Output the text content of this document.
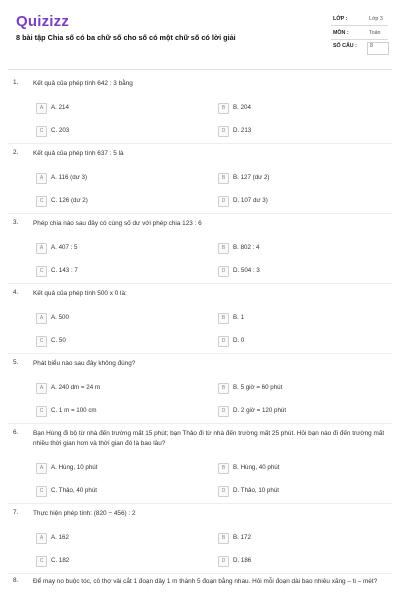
Quizizz
8 bài tập Chia số có ba chữ số cho số có một chữ số có lời giải
LỚP :	Lớp 3
MÔN :	Toán
SỐ CÂU : 8
1. Kết quả của phép tính 642 : 3 bằng
A	A. 214	B	B. 204
C	C. 203	D	D. 213
2. Kết quả của phép tính 637 : 5 là
A	A. 116 (dư 3)	B	B. 127 (dư 2)
C	C. 126 (dư 2)	D	D. 107 dư 3)
3. Phép chia nào sau đây có cùng số dư với phép chia 123 : 6
A	A. 407 : 5	B	B. 802 : 4
C	C. 143 : 7	D	D. 504 : 3
4. Kết quả của phép tính 500 x 0 là:
A	A. 500	B	B. 1
C	C. 50	D	D. 0
5. Phát biểu nào sau đây không đúng?
A	A. 240 dm = 24 m	B	B. 5 giờ = 60 phút
C	C. 1 m = 100 cm	D	D. 2 giờ = 120 phút
6. Bạn Hùng đi bộ từ nhà đến trường mất 15 phút; bạn Thảo đi từ nhà đến trường mất 25 phút. Hỏi bạn nào đi đến trường mất nhiều thời gian hơn và thời gian đó là bao lâu?
A	A. Hùng, 10 phút	B	B. Hùng, 40 phút
C	C. Thảo, 40 phút	D	D. Thảo, 10 phút
7. Thực hiện phép tính: (820 − 456) : 2
A	A. 162	B	B. 172
C	C. 182	D	D. 186
8. Để may no buộc tóc, cô thợ vải cắt 1 đoạn dây 1 m thành 5 đoạn bằng nhau. Hỏi mỗi đoạn dài bao nhiêu xăng – ti – mét?
